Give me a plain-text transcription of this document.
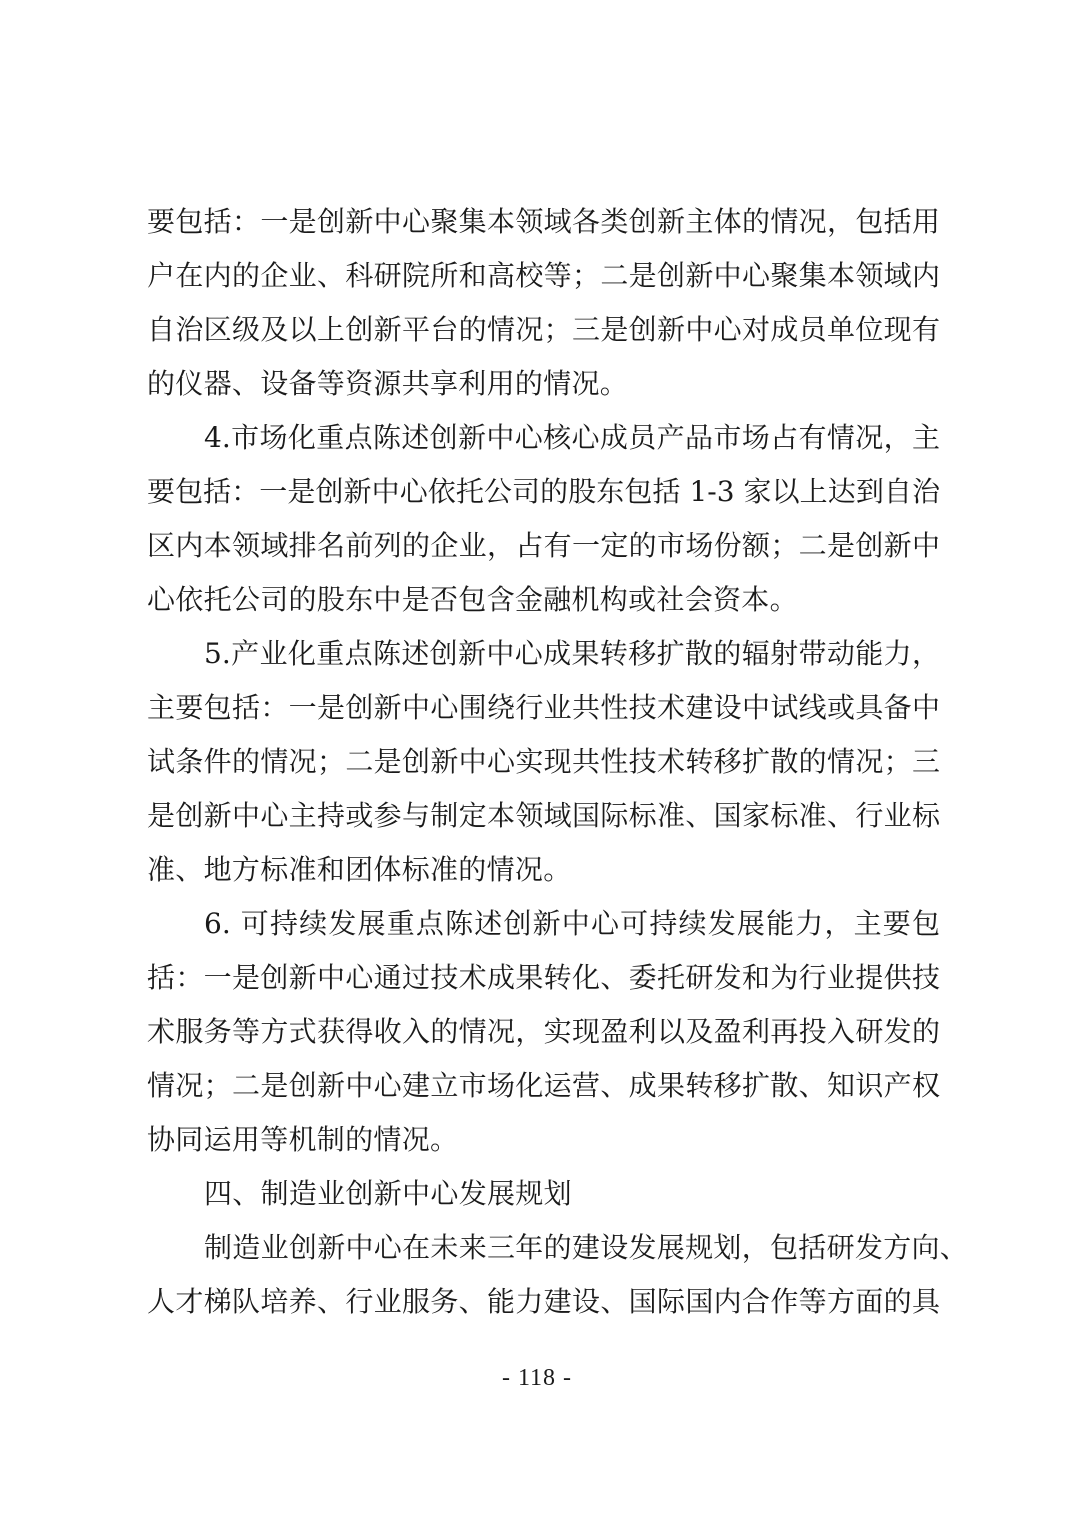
要包括：一是创新中心聚集本领域各类创新主体的情况，包括用
户在内的企业、科研院所和高校等；二是创新中心聚集本领域内
自治区级及以上创新平台的情况；三是创新中心对成员单位现有
的仪器、设备等资源共享利用的情况。
4.市场化重点陈述创新中心核心成员产品市场占有情况，主
要包括：一是创新中心依托公司的股东包括 1-3 家以上达到自治
区内本领域排名前列的企业，占有一定的市场份额；二是创新中
心依托公司的股东中是否包含金融机构或社会资本。
5.产业化重点陈述创新中心成果转移扩散的辐射带动能力，
主要包括：一是创新中心围绕行业共性技术建设中试线或具备中
试条件的情况；二是创新中心实现共性技术转移扩散的情况；三
是创新中心主持或参与制定本领域国际标准、国家标准、行业标
准、地方标准和团体标准的情况。
6. 可持续发展重点陈述创新中心可持续发展能力，主要包
括：一是创新中心通过技术成果转化、委托研发和为行业提供技
术服务等方式获得收入的情况，实现盈利以及盈利再投入研发的
情况；二是创新中心建立市场化运营、成果转移扩散、知识产权
协同运用等机制的情况。
四、制造业创新中心发展规划
制造业创新中心在未来三年的建设发展规划，包括研发方向、
人才梯队培养、行业服务、能力建设、国际国内合作等方面的具
- 118 -
